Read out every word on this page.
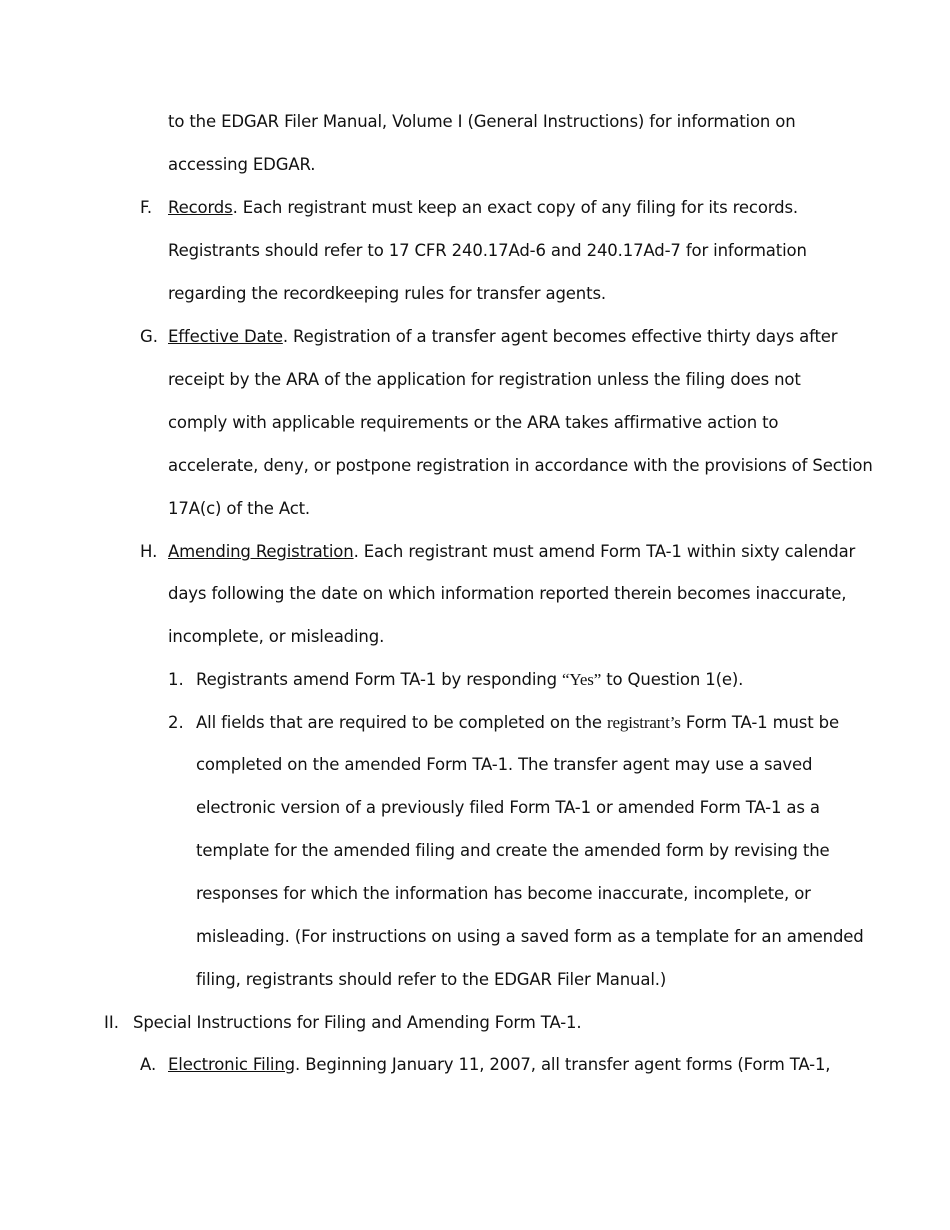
to the EDGAR Filer Manual, Volume I (General Instructions) for information on
accessing EDGAR.
F. Records. Each registrant must keep an exact copy of any filing for its records.
Registrants should refer to 17 CFR 240.17Ad-6 and 240.17Ad-7 for information
regarding the recordkeeping rules for transfer agents.
G. Effective Date. Registration of a transfer agent becomes effective thirty days after
receipt by the ARA of the application for registration unless the filing does not
comply with applicable requirements or the ARA takes affirmative action to
accelerate, deny, or postpone registration in accordance with the provisions of Section
17A(c) of the Act.
H. Amending Registration. Each registrant must amend Form TA-1 within sixty calendar
days following the date on which information reported therein becomes inaccurate,
incomplete, or misleading.
1. Registrants amend Form TA-1 by responding “Yes” to Question 1(e).
2. All fields that are required to be completed on the registrant’s Form TA-1 must be
completed on the amended Form TA-1. The transfer agent may use a saved
electronic version of a previously filed Form TA-1 or amended Form TA-1 as a
template for the amended filing and create the amended form by revising the
responses for which the information has become inaccurate, incomplete, or
misleading. (For instructions on using a saved form as a template for an amended
filing, registrants should refer to the EDGAR Filer Manual.)
II. Special Instructions for Filing and Amending Form TA-1.
A. Electronic Filing. Beginning January 11, 2007, all transfer agent forms (Form TA-1,
